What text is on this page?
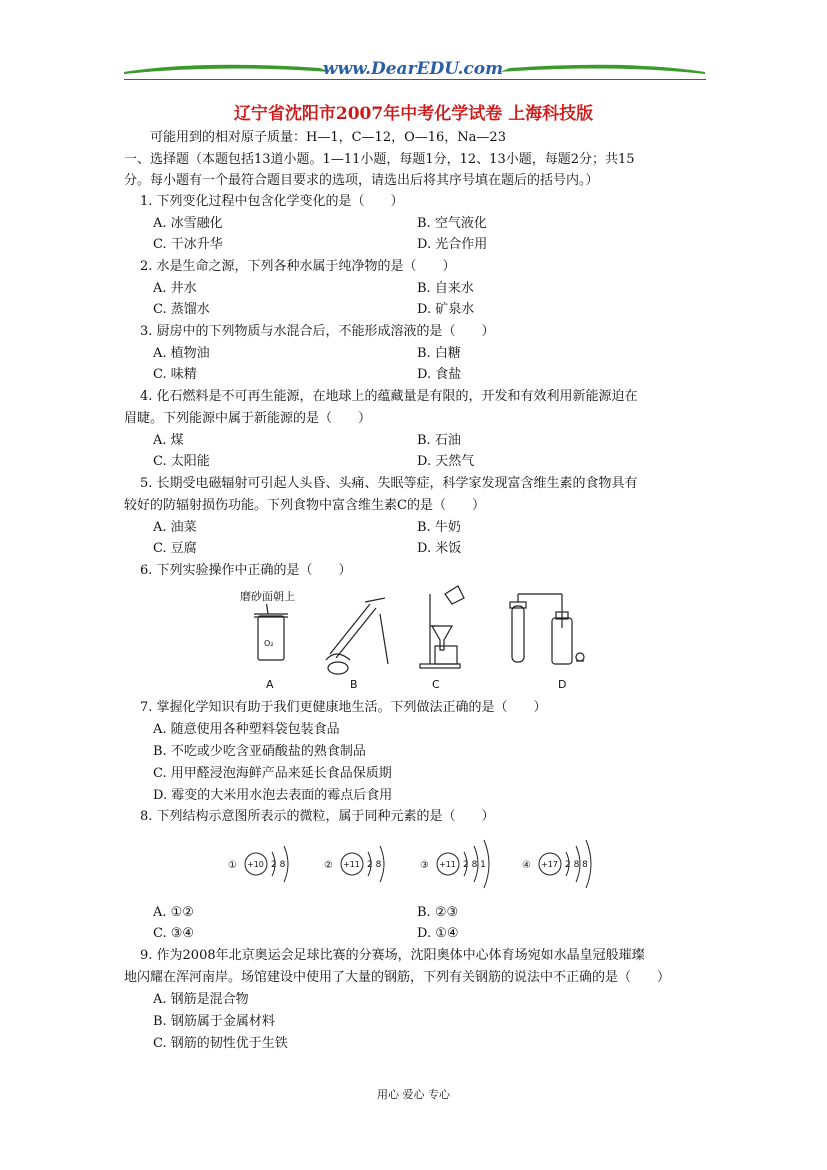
www.DearEDU.com
辽宁省沈阳市2007年中考化学试卷 上海科技版
可能用到的相对原子质量：H—1，C—12，O—16，Na—23
一、选择题（本题包括13道小题。1—11小题，每题1分，12、13小题，每题2分；共15
分。每小题有一个最符合题目要求的选项，请选出后将其序号填在题后的括号内。）
1. 下列变化过程中包含化学变化的是（　　）
A. 冰雪融化	B. 空气液化
C. 干冰升华	D. 光合作用
2. 水是生命之源，下列各种水属于纯净物的是（　　）
A. 井水	B. 自来水
C. 蒸馏水	D. 矿泉水
3. 厨房中的下列物质与水混合后，不能形成溶液的是（　　）
A. 植物油	B. 白糖
C. 味精	D. 食盐
4. 化石燃料是不可再生能源，在地球上的蕴藏量是有限的，开发和有效利用新能源迫在
眉睫。下列能源中属于新能源的是（　　）
A. 煤	B. 石油
C. 太阳能	D. 天然气
5. 长期受电磁辐射可引起人头昏、头痛、失眠等症，科学家发现富含维生素的食物具有
较好的防辐射损伤功能。下列食物中富含维生素C的是（　　）
A. 油菜	B. 牛奶
C. 豆腐	D. 米饭
6. 下列实验操作中正确的是（　　）
磨砂面朝上
O₂
A	B	C	D
7. 掌握化学知识有助于我们更健康地生活。下列做法正确的是（　　）
A. 随意使用各种塑料袋包装食品
B. 不吃或少吃含亚硝酸盐的熟食制品
C. 用甲醛浸泡海鲜产品来延长食品保质期
D. 霉变的大米用水泡去表面的霉点后食用
8. 下列结构示意图所表示的微粒，属于同种元素的是（　　）
① +10 2 8	② +11 2 8	③ +11 2 8 1	④ +17 2 8 8
A. ①②	B. ②③
C. ③④	D. ①④
9. 作为2008年北京奥运会足球比赛的分赛场，沈阳奥体中心体育场宛如水晶皇冠般璀璨
地闪耀在浑河南岸。场馆建设中使用了大量的钢筋，下列有关钢筋的说法中不正确的是（　　）
A. 钢筋是混合物
B. 钢筋属于金属材料
C. 钢筋的韧性优于生铁
用心 爱心 专心
